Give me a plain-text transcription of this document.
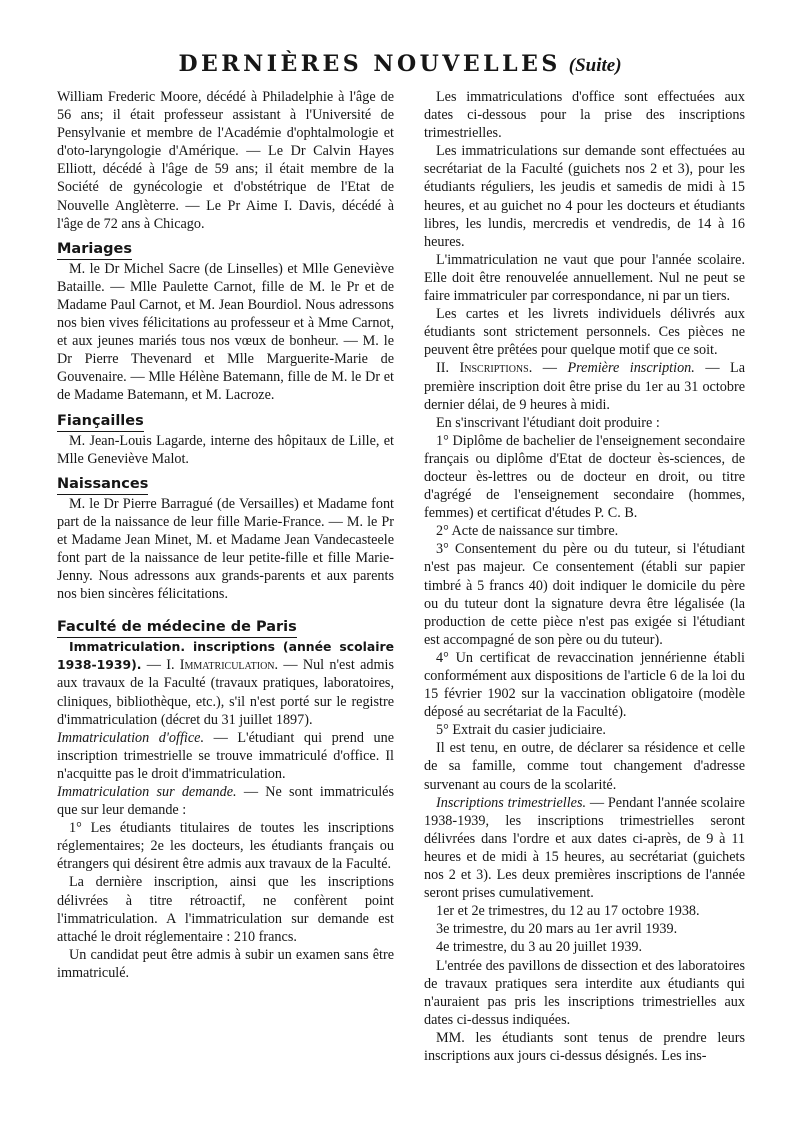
DERNIÈRES NOUVELLES (Suite)

William Frederic Moore, décédé à Philadelphie à l'âge de 56 ans; il était professeur assistant à l'Université de Pensylvanie et membre de l'Académie d'ophtalmologie et d'oto-laryngologie d'Amérique. — Le Dr Calvin Hayes Elliott, décédé à l'âge de 59 ans; il était membre de la Société de gynécologie et d'obstétrique de l'Etat de Nouvelle Anglèterre. — Le Pr Aime I. Davis, décédé à l'âge de 72 ans à Chicago.

Mariages

M. le Dr Michel Sacre (de Linselles) et Mlle Geneviève Bataille. — Mlle Paulette Carnot, fille de M. le Pr et de Madame Paul Carnot, et M. Jean Bourdiol. Nous adressons nos bien vives félicitations au professeur et à Mme Carnot, et aux jeunes mariés tous nos vœux de bonheur. — M. le Dr Pierre Thevenard et Mlle Marguerite-Marie de Gouvenaire. — Mlle Hélène Batemann, fille de M. le Dr et de Madame Batemann, et M. Lacroze.

Fiançailles

M. Jean-Louis Lagarde, interne des hôpitaux de Lille, et Mlle Geneviève Malot.

Naissances

M. le Dr Pierre Barragué (de Versailles) et Madame font part de la naissance de leur fille Marie-France. — M. le Pr et Madame Jean Minet, M. et Madame Jean Vandecasteele font part de la naissance de leur petite-fille et fille Marie-Jenny. Nous adressons aux grands-parents et aux parents nos bien sincères félicitations.

Faculté de médecine de Paris

Immatriculation. inscriptions (année scolaire 1938-1939). — I. Immatriculation. — Nul n'est admis aux travaux de la Faculté (travaux pratiques, laboratoires, cliniques, bibliothèque, etc.), s'il n'est porté sur le registre d'immatriculation (décret du 31 juillet 1897).

Immatriculation d'office. — L'étudiant qui prend une inscription trimestrielle se trouve immatriculé d'office. Il n'acquitte pas le droit d'immatriculation.

Immatriculation sur demande. — Ne sont immatriculés que sur leur demande :

1° Les étudiants titulaires de toutes les inscriptions réglementaires; 2e les docteurs, les étudiants français ou étrangers qui désirent être admis aux travaux de la Faculté.

La dernière inscription, ainsi que les inscriptions délivrées à titre rétroactif, ne confèrent point l'immatriculation. A l'immatriculation sur demande est attaché le droit réglementaire : 210 francs.

Un candidat peut être admis à subir un examen sans être immatriculé.

Les immatriculations d'office sont effectuées aux dates ci-dessous pour la prise des inscriptions trimestrielles.

Les immatriculations sur demande sont effectuées au secrétariat de la Faculté (guichets nos 2 et 3), pour les étudiants réguliers, les jeudis et samedis de midi à 15 heures, et au guichet no 4 pour les docteurs et étudiants libres, les lundis, mercredis et vendredis, de 14 à 16 heures.

L'immatriculation ne vaut que pour l'année scolaire. Elle doit être renouvelée annuellement. Nul ne peut se faire immatriculer par correspondance, ni par un tiers.

Les cartes et les livrets individuels délivrés aux étudiants sont strictement personnels. Ces pièces ne peuvent être prêtées pour quelque motif que ce soit.

II. Inscriptions. — Première inscription. — La première inscription doit être prise du 1er au 31 octobre dernier délai, de 9 heures à midi.

En s'inscrivant l'étudiant doit produire :

1° Diplôme de bachelier de l'enseignement secondaire français ou diplôme d'Etat de docteur ès-sciences, de docteur ès-lettres ou de docteur en droit, ou titre d'agrégé de l'enseignement secondaire (hommes, femmes) et certificat d'études P. C. B.

2° Acte de naissance sur timbre.

3° Consentement du père ou du tuteur, si l'étudiant n'est pas majeur. Ce consentement (établi sur papier timbré à 5 francs 40) doit indiquer le domicile du père ou du tuteur dont la signature devra être légalisée (la production de cette pièce n'est pas exigée si l'étudiant est accompagné de son père ou du tuteur).

4° Un certificat de revaccination jennérienne établi conformément aux dispositions de l'article 6 de la loi du 15 février 1902 sur la vaccination obligatoire (modèle déposé au secrétariat de la Faculté).

5° Extrait du casier judiciaire.

Il est tenu, en outre, de déclarer sa résidence et celle de sa famille, comme tout changement d'adresse survenant au cours de la scolarité.

Inscriptions trimestrielles. — Pendant l'année scolaire 1938-1939, les inscriptions trimestrielles seront délivrées dans l'ordre et aux dates ci-après, de 9 à 11 heures et de midi à 15 heures, au secrétariat (guichets nos 2 et 3). Les deux premières inscriptions de l'année seront prises cumulativement.

1er et 2e trimestres, du 12 au 17 octobre 1938.

3e trimestre, du 20 mars au 1er avril 1939.

4e trimestre, du 3 au 20 juillet 1939.

L'entrée des pavillons de dissection et des laboratoires de travaux pratiques sera interdite aux étudiants qui n'auraient pas pris les inscriptions trimestrielles aux dates ci-dessus indiquées.

MM. les étudiants sont tenus de prendre leurs inscriptions aux jours ci-dessus désignés. Les ins-
